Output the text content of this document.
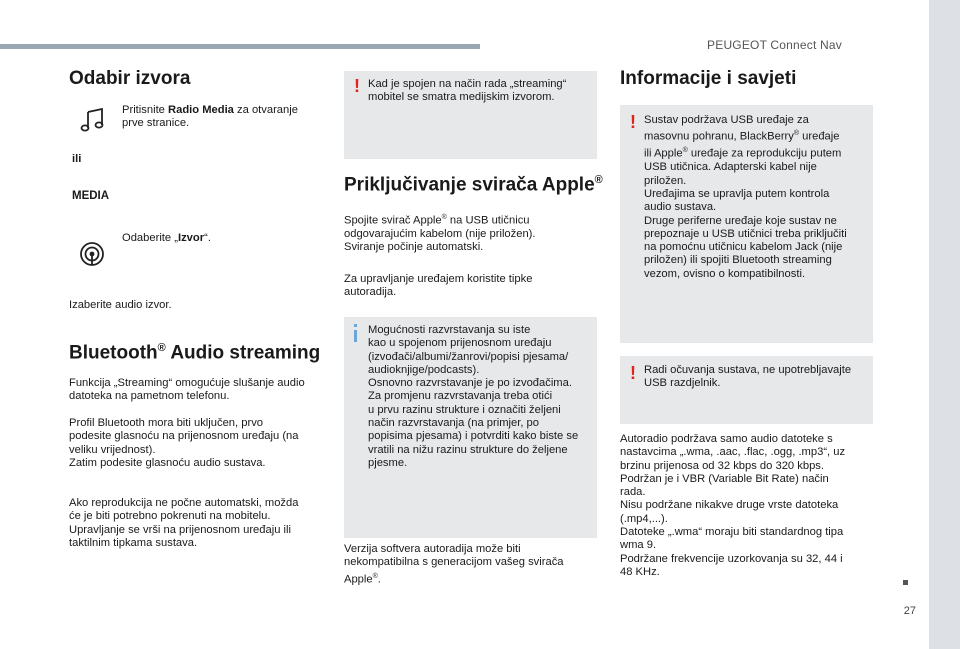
PEUGEOT Connect Nav
27
Odabir izvora

Pritisnite Radio Media za otvaranje
prve stranice.

ili
MEDIA

Odaberite „Izvor“.

Izaberite audio izvor.

Bluetooth® Audio streaming

Funkcija „Streaming“ omogućuje slušanje audio
datoteka na pametnom telefonu.

Profil Bluetooth mora biti uključen, prvo
podesite glasnoću na prijenosnom uređaju (na
veliku vrijednost).
Zatim podesite glasnoću audio sustava.

Ako reprodukcija ne počne automatski, možda
će je biti potrebno pokrenuti na mobitelu.
Upravljanje se vrši na prijenosnom uređaju ili
taktilnim tipkama sustava.

! Kad je spojen na način rada „streaming“
mobitel se smatra medijskim izvorom.

Priključivanje svirača Apple®

Spojite svirač Apple® na USB utičnicu
odgovarajućim kabelom (nije priložen).
Sviranje počinje automatski.

Za upravljanje uređajem koristite tipke
autoradija.

Mogućnosti razvrstavanja su iste
kao u spojenom prijenosnom uređaju
(izvođači/albumi/žanrovi/popisi pjesama/
audioknjige/podcasts).
Osnovno razvrstavanje je po izvođačima.
Za promjenu razvrstavanja treba otići
u prvu razinu strukture i označiti željeni
način razvrstavanja (na primjer, po
popisima pjesama) i potvrditi kako biste se
vratili na nižu razinu strukture do željene
pjesme.

Verzija softvera autoradija može biti
nekompatibilna s generacijom vašeg svirača
Apple®.

Informacije i savjeti
! Sustav podržava USB uređaje za
masovnu pohranu, BlackBerry® uređaje
ili Apple® uređaje za reprodukciju putem
USB utičnica. Adapterski kabel nije
priložen.
Uređajima se upravlja putem kontrola
audio sustava.
Druge periferne uređaje koje sustav ne
prepoznaje u USB utičnici treba priključiti
na pomoćnu utičnicu kabelom Jack (nije
priložen) ili spojiti Bluetooth streaming
vezom, ovisno o kompatibilnosti.

! Radi očuvanja sustava, ne upotrebljavajte
USB razdjelnik.

Autoradio podržava samo audio datoteke s
nastavcima „.wma, .aac, .flac, .ogg, .mp3“, uz
brzinu prijenosa od 32 kbps do 320 kbps.
Podržan je i VBR (Variable Bit Rate) način
rada.
Nisu podržane nikakve druge vrste datoteka
(.mp4,...).
Datoteke „.wma“ moraju biti standardnog tipa
wma 9.
Podržane frekvencije uzorkovanja su 32, 44 i
48 KHz.
